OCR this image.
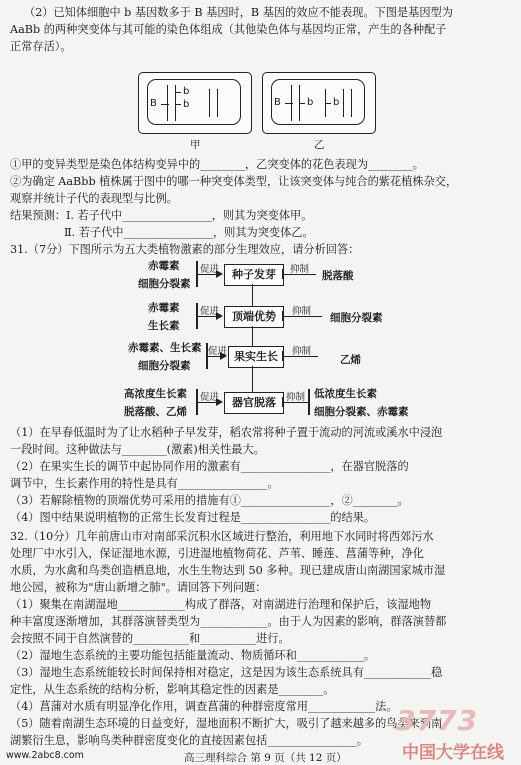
（2）已知体细胞中 b 基因数多于 B 基因时，B 基因的效应不能表现。下图是基因型为
AaBb 的两种突变体与其可能的染色体组成（其他染色体与基因均正常，产生的各种配子
正常存活）。
B
b
b
甲
B	b b
乙
①甲的变异类型是染色体结构变异中的________，乙突变体的花色表现为________。
②为确定 AaBbb 植株属于图中的哪一种突变体类型，让该突变体与纯合的紫花植株杂交，
观察并统计子代的表现型与比例。
结果预测：Ⅰ. 若子代中________________，则其为突变体甲。
Ⅱ. 若子代中________________，则其为突变体乙。
31.（7分）下图所示为五大类植物激素的部分生理效应，请分析回答：
赤霉素
细胞分裂素
促进	种子发芽	抑制
脱落酸
赤霉素
生长素
促进	顶端优势	抑制
细胞分裂素
赤霉素、生长素
细胞分裂素
促进 果实生长	抑制
乙烯
高浓度生长素
脱落酸、乙烯
促进	器官脱落	抑制 低浓度生长素
细胞分裂素、赤霉素
（1）在早春低温时为了让水稻种子早发芽，稻农常将种子置于流动的河流或溪水中浸泡
一段时间。这种做法与________(激素)相关性最大。
（2）在果实生长的调节中起协同作用的激素有________________，在器官脱落的
调节中，生长素作用的特性是具有________________。
（3）若解除植物的顶端优势可采用的措施有①________________，②________。
（4）图中结果说明植物的正常生长发育过程是________________的结果。
32.（10分）几年前唐山市对南部采沉积水区域进行整治，利用地下水同时将西郊污水
处理厂中水引入，保证湿地水源，引进湿地植物荷花、芦苇、睡莲、菖蒲等种，净化
水质，为水禽和鸟类创造栖息地，水生生物达到 50 多种。现已建成唐山南湖国家城市湿
地公园，被称为"唐山新增之肺"。请回答下列问题：
（1）聚集在南湖湿地____________构成了群落，对南湖进行治理和保护后，该湿地物
种丰富度逐渐增加，其群落演替类型为____________。由于人为因素的影响，群落演替都
会按照不同于自然演替的__________和__________进行。
（2）湿地生态系统的主要功能包括能量流动、物质循环和____________。
（3）湿地生态系统能较长时间保持相对稳定，这是因为该生态系统具有____________稳
定性，从生态系统的结构分析，影响其稳定性的因素是________。
（4）菖蒲对水质有明显净化作用，调查菖蒲的种群密度常用____________法。
（5）随着南湖生态环境的日益变好，湿地面积不断扩大，吸引了越来越多的鸟类来到南
湖繁衍生息，影响鸟类种群密度变化的直接因素包括________________。
www.2abc8.com	高三理科综合 第 9 页（共 12 页）
3773
中国大学在线
